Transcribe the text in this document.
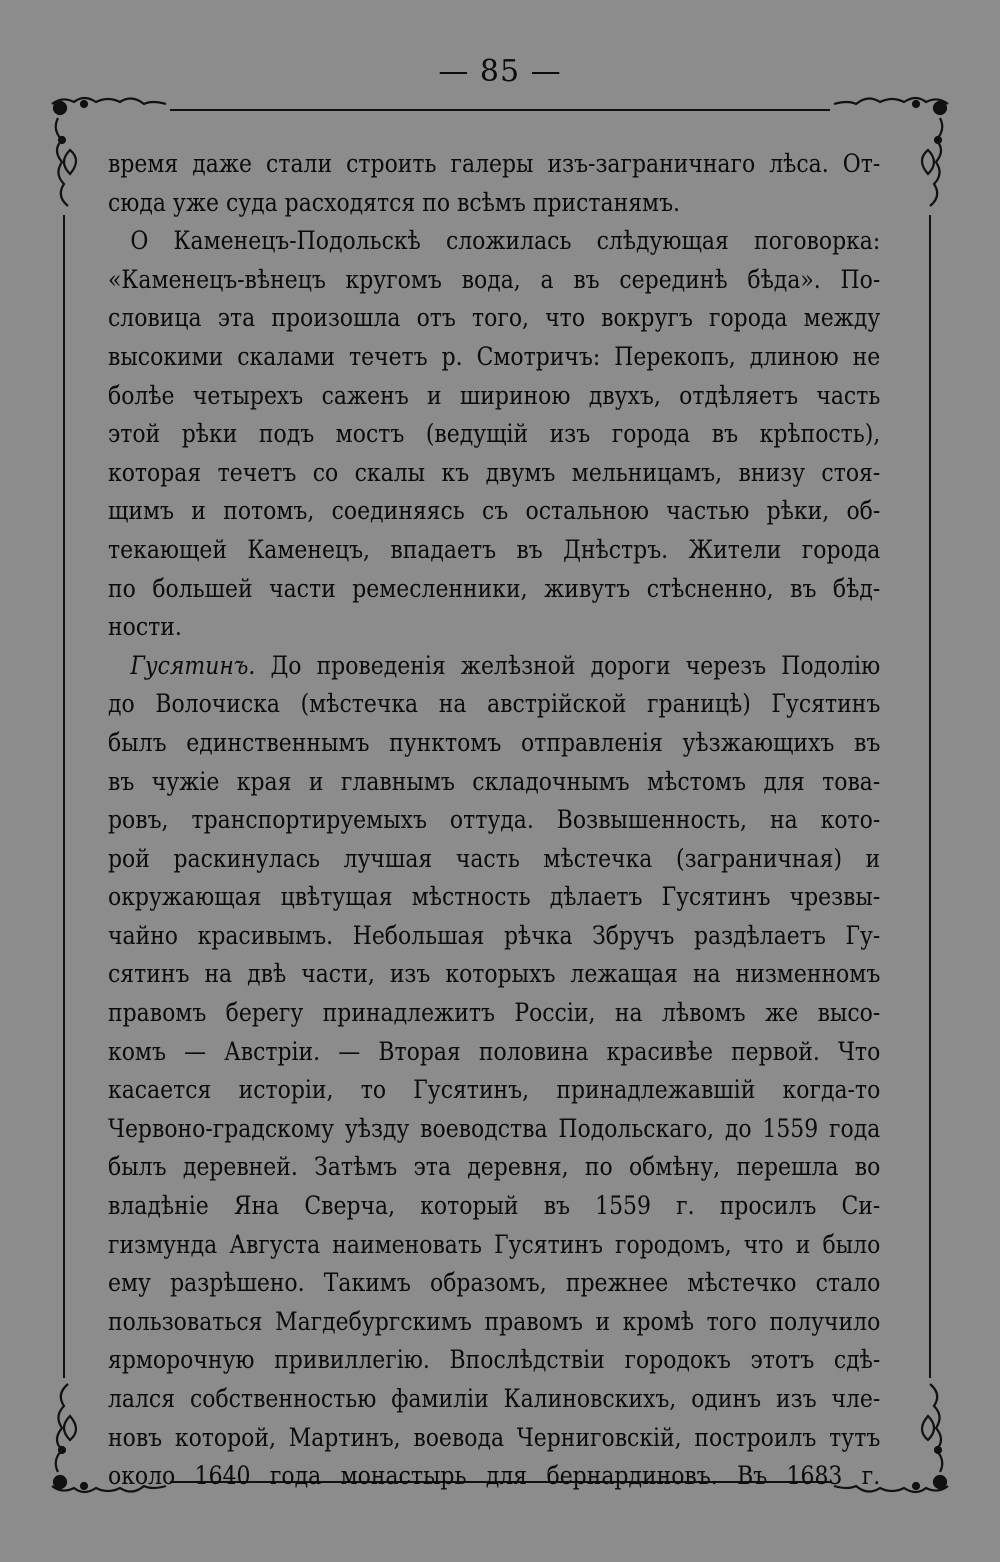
— 85 —
время даже стали строить галеры изъ-заграничнаго лѣса. От-
сюда уже суда расходятся по всѣмъ пристанямъ.
О Каменецъ-Подольскѣ сложилась слѣдующая поговорка:
«Каменецъ-вѣнецъ кругомъ вода, а въ серединѣ бѣда». По-
словица эта произошла отъ того, что вокругъ города между
высокими скалами течетъ р. Смотричъ: Перекопъ, длиною не
болѣе четырехъ саженъ и шириною двухъ, отдѣляетъ часть
этой рѣки подъ мостъ (ведущій изъ города въ крѣпость),
которая течетъ со скалы къ двумъ мельницамъ, внизу стоя-
щимъ и потомъ, соединяясь съ остальною частью рѣки, об-
текающей Каменецъ, впадаетъ въ Днѣстръ. Жители города
по большей части ремесленники, живутъ стѣсненно, въ бѣд-
ности.
Гусятинъ. До проведенія желѣзной дороги черезъ Подолію
до Волочиска (мѣстечка на австрійской границѣ) Гусятинъ
былъ единственнымъ пунктомъ отправленія уѣзжающихъ въ
въ чужіе края и главнымъ складочнымъ мѣстомъ для това-
ровъ, транспортируемыхъ оттуда. Возвышенность, на кото-
рой раскинулась лучшая часть мѣстечка (заграничная) и
окружающая цвѣтущая мѣстность дѣлаетъ Гусятинъ чрезвы-
чайно красивымъ. Небольшая рѣчка Збручъ раздѣлаетъ Гу-
сятинъ на двѣ части, изъ которыхъ лежащая на низменномъ
правомъ берегу принадлежитъ Россіи, на лѣвомъ же высо-
комъ — Австріи. — Вторая половина красивѣе первой. Что
касается исторіи, то Гусятинъ, принадлежавшій когда-то
Червоно-градскому уѣзду воеводства Подольскаго, до 1559 года
былъ деревней. Затѣмъ эта деревня, по обмѣну, перешла во
владѣніе Яна Сверча, который въ 1559 г. просилъ Си-
гизмунда Августа наименовать Гусятинъ городомъ, что и было
ему разрѣшено. Такимъ образомъ, прежнее мѣстечко стало
пользоваться Магдебургскимъ правомъ и кромѣ того получило
ярморочную привиллегію. Впослѣдствіи городокъ этотъ сдѣ-
лался собственностью фамиліи Калиновскихъ, одинъ изъ чле-
новъ которой, Мартинъ, воевода Черниговскій, построилъ тутъ
около 1640 года монастырь для бернардиновъ. Въ 1683 г.
